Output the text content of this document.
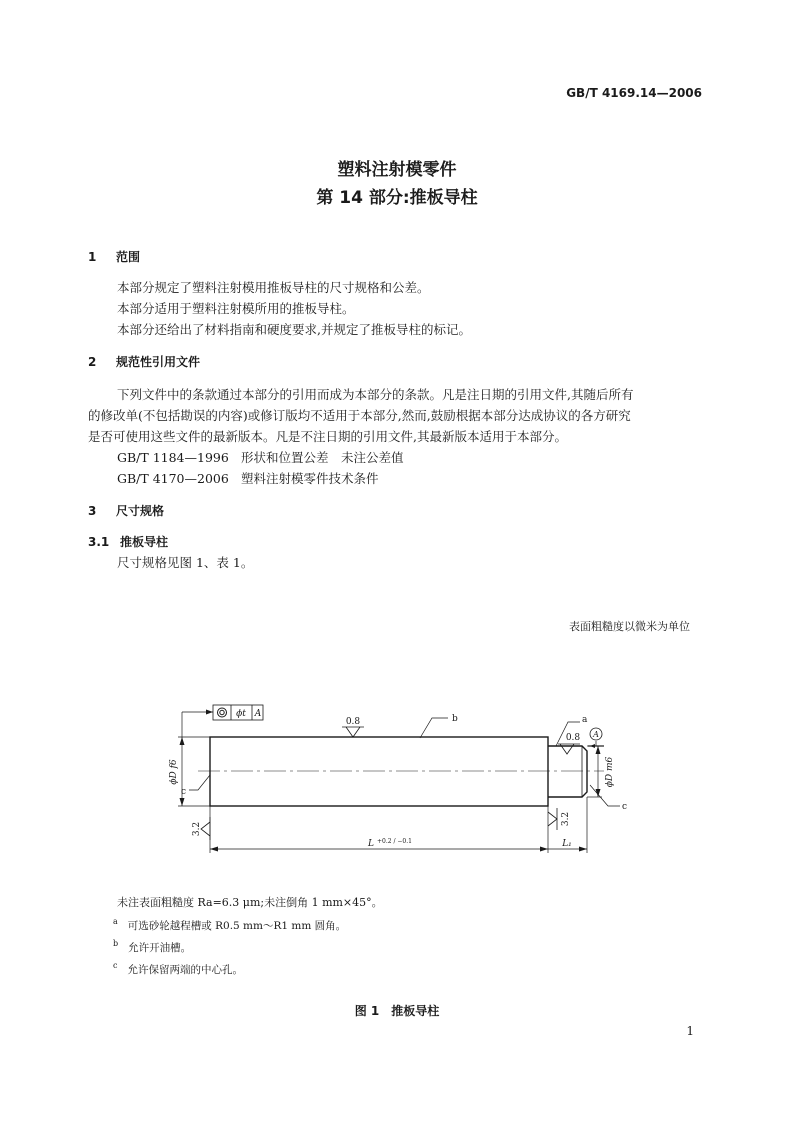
GB/T 4169.14—2006
塑料注射模零件
第 14 部分:推板导柱
1 范围
本部分规定了塑料注射模用推板导柱的尺寸规格和公差。
本部分适用于塑料注射模所用的推板导柱。
本部分还给出了材料指南和硬度要求,并规定了推板导柱的标记。
2 规范性引用文件
下列文件中的条款通过本部分的引用而成为本部分的条款。凡是注日期的引用文件,其随后所有
的修改单(不包括勘误的内容)或修订版均不适用于本部分,然而,鼓励根据本部分达成协议的各方研究
是否可使用这些文件的最新版本。凡是不注日期的引用文件,其最新版本适用于本部分。
GB/T 1184—1996 形状和位置公差　未注公差值
GB/T 4170—2006 塑料注射模零件技术条件
3 尺寸规格
3.1 推板导柱
尺寸规格见图 1、表 1。
表面粗糙度以微米为单位
ϕt A
A
0.8
0.8
b	a
c
c
ϕD f6	ϕD m6
3.2
3.2
L +0.2 / −0.1	L₁
未注表面粗糙度 Ra=6.3 μm;未注倒角 1 mm×45°。
$^a$ 可选砂轮越程槽或 R0.5 mm～R1 mm 圆角。
$^b$ 允许开油槽。
$^c$ 允许保留两端的中心孔。
图 1　推板导柱
1
